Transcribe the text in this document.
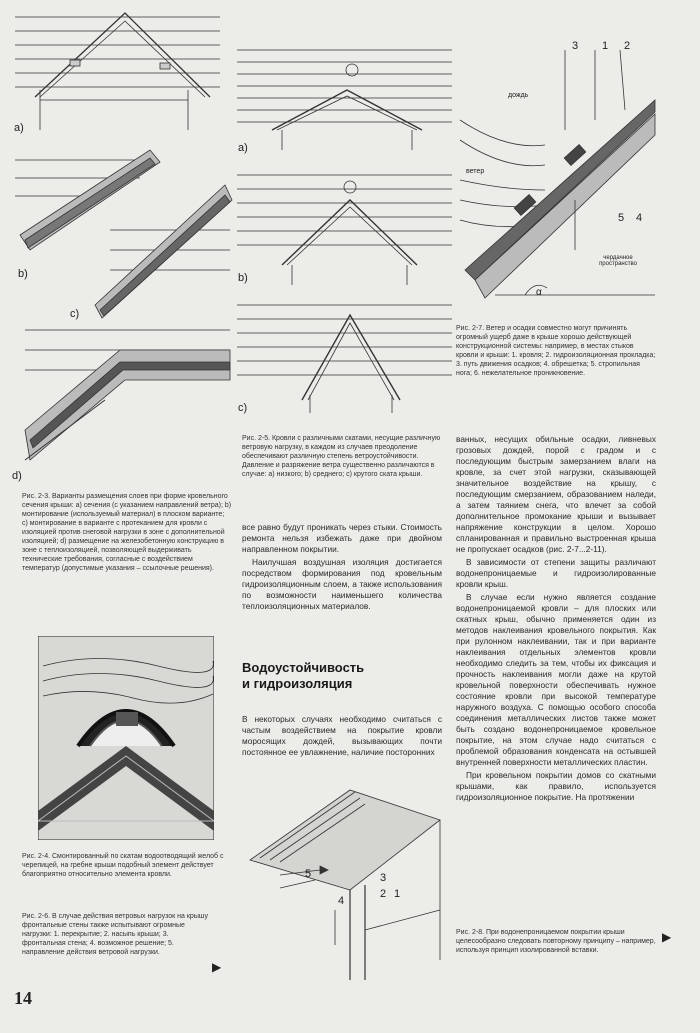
a)
b)
c)
d)
Рис. 2-3. Варианты размещения слоев при форме кровельного сечения крыши: а) сечения (с указанием направлений ветра); b) монтирование (используемый материал) в плоском варианте; с) монтирование в варианте с протеканием для кровли с изоляцией против снеговой нагрузки в зоне с дополнительной изоляцией; d) размещение на железобетонную конструкцию в зоне с теплоизоляцией, позволяющей выдерживать технические требования, согласные с воздействием температур (допустимые указания – ссылочные решения).
Рис. 2-4. Смонтированный по скатам водоотводящий желоб с черепицей, на гребне крыши подобный элемент действует благоприятно относительно элемента кровли.
Рис. 2-6. В случае действия ветровых нагрузок на крышу фронтальные стены также испытывают огромные нагрузки: 1. перекрытие; 2. насыпь крыши; 3. фронтальная стена; 4. возможное решение; 5. направление действия ветровой нагрузки.
▶
14
a)
b)
c)
Рис. 2-5. Кровли с различными скатами, несущие различную ветровую нагрузку, в каждом из случаев преодоление обеспечивают различную степень ветроустойчивости. Давление и разряжение ветра существенно различаются в случае: а) низкого; b) среднего; с) крутого ската крыши.

все равно будут проникать через стыки. Стоимость ремонта нельзя избежать даже при двойном направленном покрытии.

Наилучшая воздушная изоляция достигается посредством формирования под кровельным гидроизоляционным слоем, а также использования по возможности наименьшего количества теплоизоляционных материалов.

Водоустойчивость
и гидроизоляция
В некоторых случаях необходимо считаться с частым воздействием на покрытие кровли моросящих дождей, вызывающих почти постоянное ее увлажнение, наличие посторонних
5	3
2 1
4
3 1 2
5 4
дождь
ветер
чердачное пространство
α
Рис. 2-7. Ветер и осадки совместно могут причинять огромный ущерб даже в крыше хорошо действующей конструкционной системы: например, в местах стыков кровли и крыши: 1. кровля; 2. гидроизоляционная прокладка; 3. путь движения осадков; 4. обрешетка; 5. стропильная нога; 6. нежелательное проникновение.

ванных, несущих обильные осадки, ливневых грозовых дождей, порой с градом и с последующим быстрым замерзанием влаги на кровле, за счет этой нагрузки, сказывающей значительное воздействие на крышу, с последующим смерзанием, образованием наледи, а затем таянием снега, что влечет за собой дополнительное промокание крыши и вызывает напряжение конструкции в целом. Хорошо спланированная и правильно выстроенная крыша не пропускает осадков (рис. 2-7...2-11).

В зависимости от степени защиты различают водонепроницаемые и гидроизолированные кровли крыш.

В случае если нужно является создание водонепроницаемой кровли – для плоских или скатных крыш, обычно применяется один из методов наклеивания кровельного покрытия. Как при рулонном наклеивании, так и при варианте наклеивания отдельных элементов кровли необходимо следить за тем, чтобы их фиксация и прочность наклеивания могли даже на крутой кровельной поверхности обеспечивать нужное состояние кровли при высокой температуре наружного воздуха. С помощью особого способа соединения металлических листов также может быть создано водонепроницаемое кровельное покрытие, на этом случае надо считаться с проблемой образования конденсата на остывшей внутренней поверхности металлических пластин.

При кровельном покрытии домов со скатными крышами, как правило, используется гидроизоляционное покрытие. На протяжении

Рис. 2-8. При водонепроницаемом покрытии крыши целесообразно следовать повторному принципу – например, используя принцип изолированной вставки.
▶
